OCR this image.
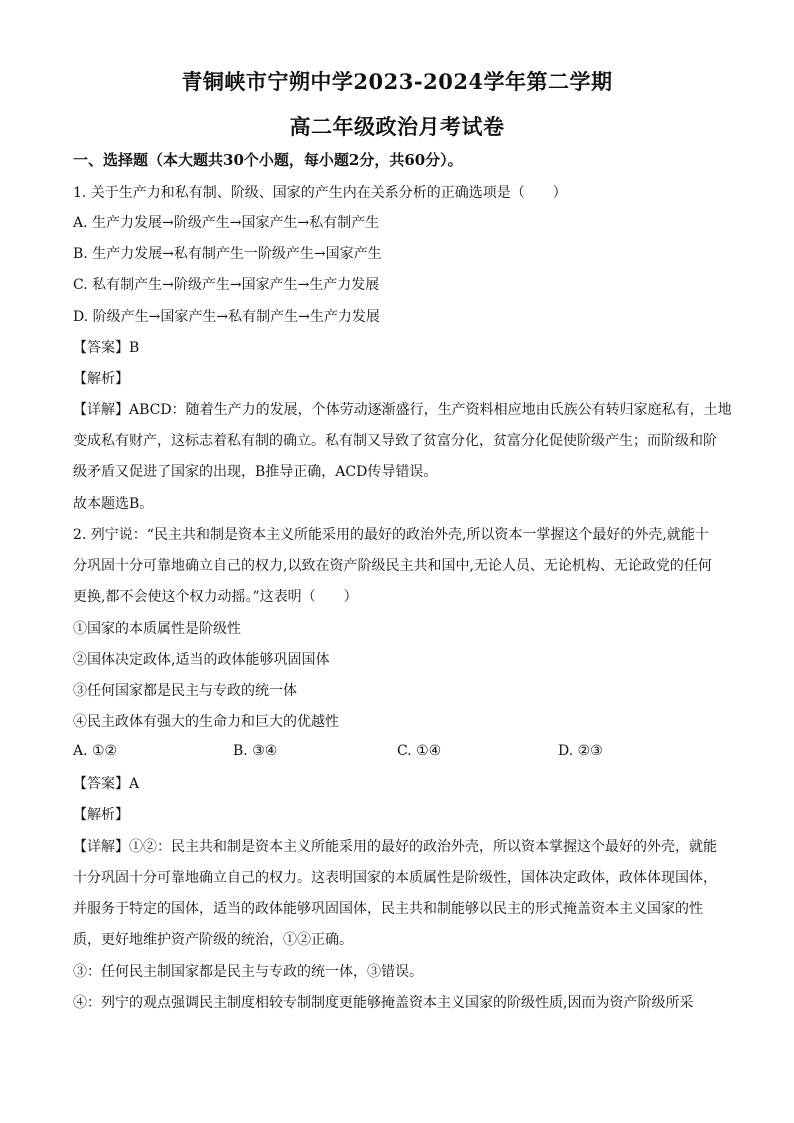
青铜峡市宁朔中学2023-2024学年第二学期
高二年级政治月考试卷
一、选择题（本大题共30个小题，每小题2分，共60分）。
1. 关于生产力和私有制、阶级、国家的产生内在关系分析的正确选项是（　　）
A. 生产力发展→阶级产生→国家产生→私有制产生
B. 生产力发展→私有制产生一阶级产生→国家产生
C. 私有制产生→阶级产生→国家产生→生产力发展
D. 阶级产生→国家产生→私有制产生→生产力发展
【答案】B
【解析】
【详解】ABCD：随着生产力的发展，个体劳动逐渐盛行，生产资料相应地由氏族公有转归家庭私有，土地
变成私有财产，这标志着私有制的确立。私有制又导致了贫富分化，贫富分化促使阶级产生；而阶级和阶
级矛盾又促进了国家的出现，B推导正确，ACD传导错误。
故本题选B。
2. 列宁说：“民主共和制是资本主义所能采用的最好的政治外壳,所以资本一掌握这个最好的外壳,就能十
分巩固十分可靠地确立自己的权力,以致在资产阶级民主共和国中,无论人员、无论机构、无论政党的任何
更换,都不会使这个权力动摇。”这表明（　　）
①国家的本质属性是阶级性
②国体决定政体,适当的政体能够巩固国体
③任何国家都是民主与专政的统一体
④民主政体有强大的生命力和巨大的优越性
A. ①②	B. ③④	C. ①④	D. ②③
【答案】A
【解析】
【详解】①②：民主共和制是资本主义所能采用的最好的政治外壳，所以资本掌握这个最好的外壳，就能
十分巩固十分可靠地确立自己的权力。这表明国家的本质属性是阶级性，国体决定政体，政体体现国体，
并服务于特定的国体，适当的政体能够巩固国体，民主共和制能够以民主的形式掩盖资本主义国家的性
质，更好地维护资产阶级的统治，①②正确。
③：任何民主制国家都是民主与专政的统一体，③错误。
④：列宁的观点强调民主制度相较专制制度更能够掩盖资本主义国家的阶级性质,因而为资产阶级所采
